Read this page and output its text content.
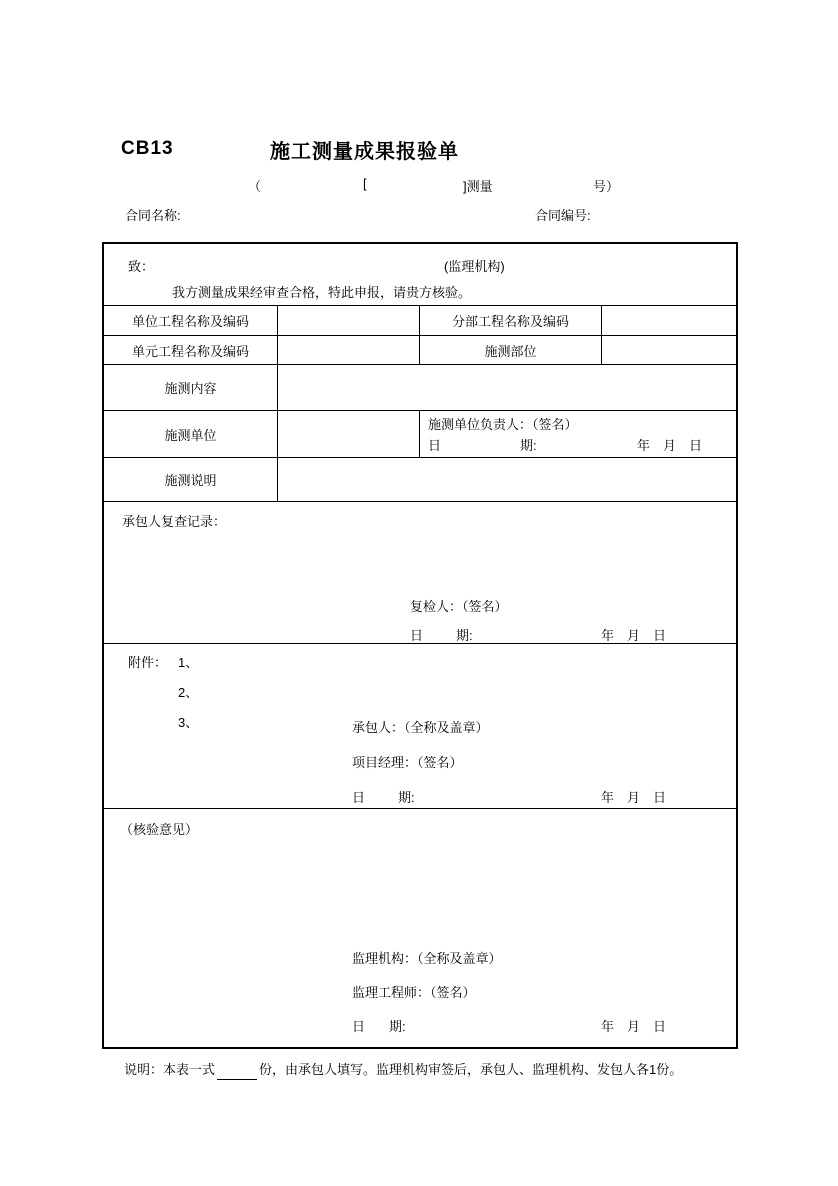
CB13	施工测量成果报验单
（	[	]测量	号）
合同名称:	合同编号:
致：	(监理机构)
我方测量成果经审查合格，特此申报，请贵方核验。
单位工程名称及编码	分部工程名称及编码
单元工程名称及编码	施测部位
施测内容
施测单位
施测单位负责人：（签名）
日	期:	年　月　日
施测说明
承包人复查记录：
复检人：（签名）
日	期:	年　月　日
附件： 1、
2、
3、	承包人：（全称及盖章）
项目经理：（签名）
日	期:	年　月　日
（核验意见）
监理机构：（全称及盖章）
监理工程师：（签名）
日 期:	年　月　日
说明：本表一式	份，由承包人填写。监理机构审签后，承包人、监理机构、发包人各1份。
